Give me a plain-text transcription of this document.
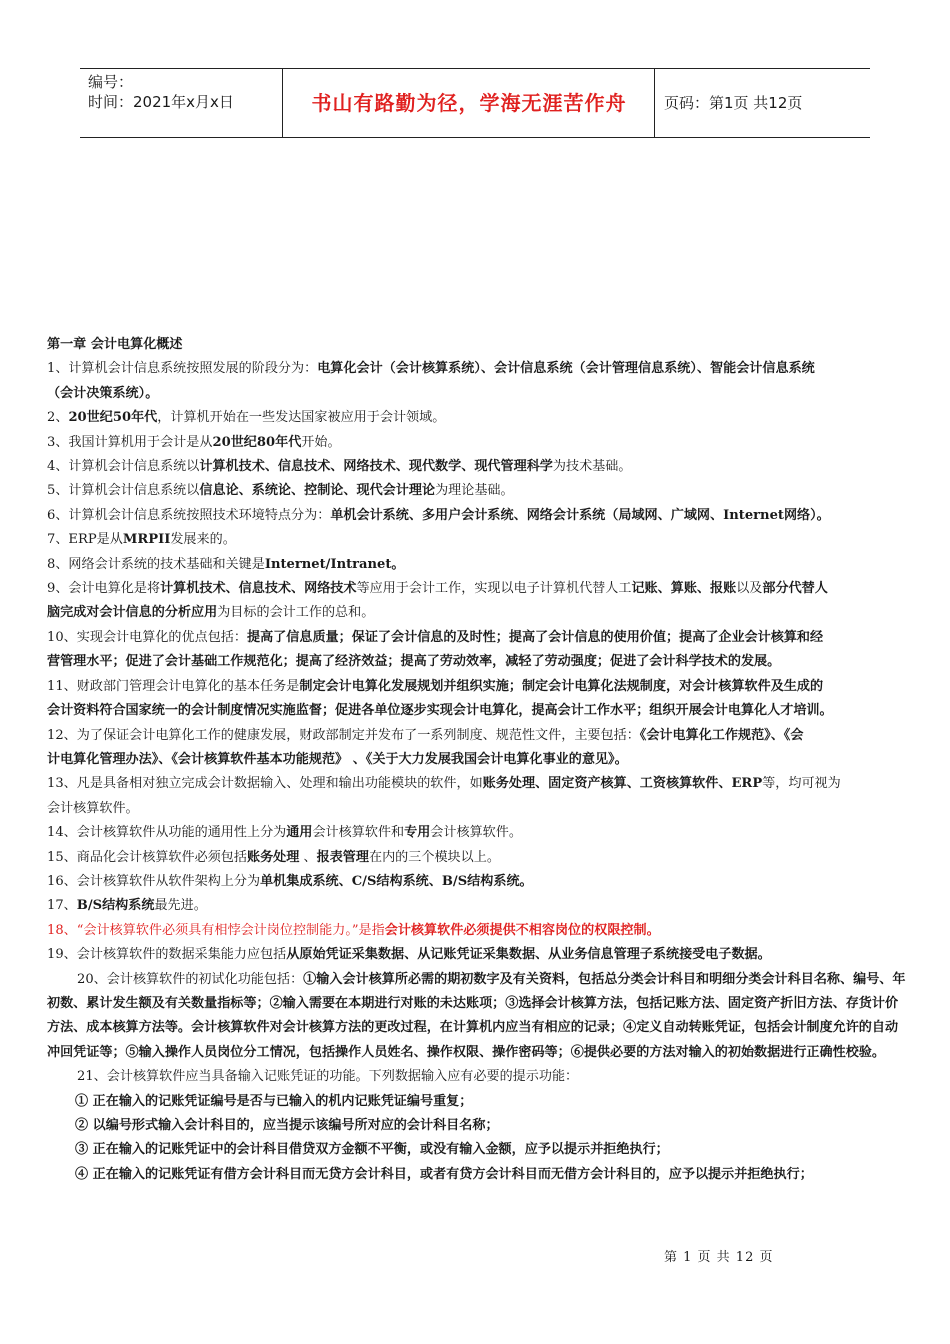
编号：
时间：2021年x月x日	书山有路勤为径，学海无涯苦作舟	页码：第1页 共12页

第一章 会计电算化概述

1、计算机会计信息系统按照发展的阶段分为：电算化会计（会计核算系统）、会计信息系统（会计管理信息系统）、智能会计信息系统

（会计决策系统）。

2、20世纪50年代，计算机开始在一些发达国家被应用于会计领域。

3、我国计算机用于会计是从20世纪80年代开始。

4、计算机会计信息系统以计算机技术、信息技术、网络技术、现代数学、现代管理科学为技术基础。

5、计算机会计信息系统以信息论、系统论、控制论、现代会计理论为理论基础。

6、计算机会计信息系统按照技术环境特点分为：单机会计系统、多用户会计系统、网络会计系统（局域网、广域网、Internet网络）。

7、ERP是从MRPII发展来的。

8、网络会计系统的技术基础和关键是Internet/Intranet。

9、会计电算化是将计算机技术、信息技术、网络技术等应用于会计工作，实现以电子计算机代替人工记账、算账、报账以及部分代替人

脑完成对会计信息的分析应用为目标的会计工作的总和。

10、实现会计电算化的优点包括：提高了信息质量；保证了会计信息的及时性；提高了会计信息的使用价值；提高了企业会计核算和经

营管理水平；促进了会计基础工作规范化；提高了经济效益；提高了劳动效率，减轻了劳动强度；促进了会计科学技术的发展。

11、财政部门管理会计电算化的基本任务是制定会计电算化发展规划并组织实施；制定会计电算化法规制度，对会计核算软件及生成的

会计资料符合国家统一的会计制度情况实施监督；促进各单位逐步实现会计电算化，提高会计工作水平；组织开展会计电算化人才培训。

12、为了保证会计电算化工作的健康发展，财政部制定并发布了一系列制度、规范性文件，主要包括：《会计电算化工作规范》、《会

计电算化管理办法》、《会计核算软件基本功能规范》 、《关于大力发展我国会计电算化事业的意见》。

13、凡是具备相对独立完成会计数据输入、处理和输出功能模块的软件，如账务处理、固定资产核算、工资核算软件、ERP等，均可视为

会计核算软件。

14、会计核算软件从功能的通用性上分为通用会计核算软件和专用会计核算软件。

15、商品化会计核算软件必须包括账务处理 、报表管理在内的三个模块以上。

16、会计核算软件从软件架构上分为单机集成系统、C/S结构系统、B/S结构系统。

17、B/S结构系统最先进。

18、“会计核算软件必须具有相悖会计岗位控制能力。”是指会计核算软件必须提供不相容岗位的权限控制。

19、会计核算软件的数据采集能力应包括从原始凭证采集数据、从记账凭证采集数据、从业务信息管理子系统接受电子数据。

20、会计核算软件的初试化功能包括：①输入会计核算所必需的期初数字及有关资料，包括总分类会计科目和明细分类会计科目名称、编号、年初数、累计发生额及有关数量指标等；②输入需要在本期进行对账的未达账项；③选择会计核算方法，包括记账方法、固定资产折旧方法、存货计价方法、成本核算方法等。会计核算软件对会计核算方法的更改过程，在计算机内应当有相应的记录；④定义自动转账凭证，包括会计制度允许的自动冲回凭证等；⑤输入操作人员岗位分工情况，包括操作人员姓名、操作权限、操作密码等；⑥提供必要的方法对输入的初始数据进行正确性校验。

21、会计核算软件应当具备输入记账凭证的功能。下列数据输入应有必要的提示功能：

① 正在输入的记账凭证编号是否与已输入的机内记账凭证编号重复；

② 以编号形式输入会计科目的，应当提示该编号所对应的会计科目名称；

③ 正在输入的记账凭证中的会计科目借贷双方金额不平衡，或没有输入金额，应予以提示并拒绝执行；

④ 正在输入的记账凭证有借方会计科目而无贷方会计科目，或者有贷方会计科目而无借方会计科目的，应予以提示并拒绝执行；

第 1 页 共 12 页
